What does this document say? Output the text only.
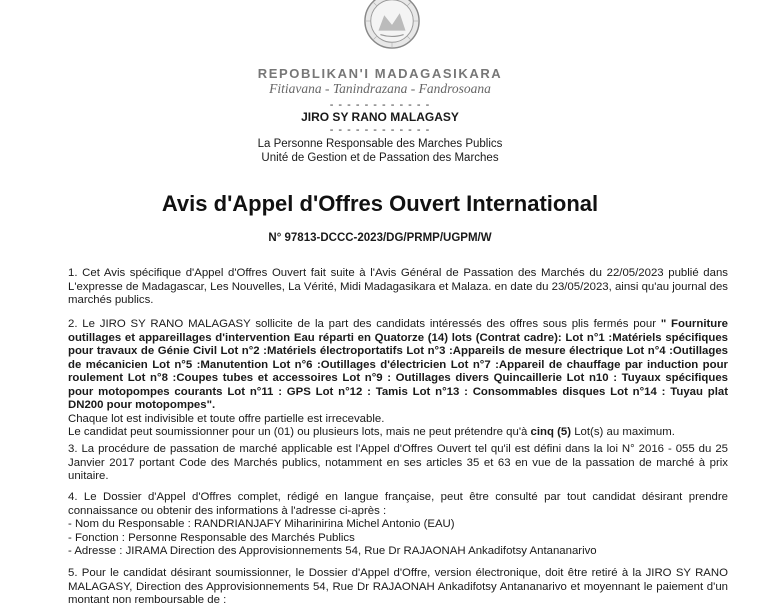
REPOBLIKAN'I MADAGASIKARA
Fitiavana - Tanindrazana - Fandrosoana
- - - - - - - - - - - -
JIRO SY RANO MALAGASY
- - - - - - - - - - - -
La Personne Responsable des Marches Publics
Unité de Gestion et de Passation des Marches
Avis d'Appel d'Offres Ouvert International
N° 97813-DCCC-2023/DG/PRMP/UGPM/W

1. Cet Avis spécifique d'Appel d'Offres Ouvert fait suite à l'Avis Général de Passation des Marchés du 22/05/2023 publié dans L'expresse de Madagascar, Les Nouvelles, La Vérité, Midi Madagasikara et Malaza. en date du 23/05/2023, ainsi qu'au journal des marchés publics.

2. Le JIRO SY RANO MALAGASY sollicite de la part des candidats intéressés des offres sous plis fermés pour " Fourniture outillages et appareillages d'intervention Eau réparti en Quatorze (14) lots (Contrat cadre): Lot n°1 :Matériels spécifiques pour travaux de Génie Civil Lot n°2 :Matériels électroportatifs Lot n°3 :Appareils de mesure électrique Lot n°4 :Outillages de mécanicien Lot n°5 :Manutention Lot n°6 :Outillages d'électricien Lot n°7 :Appareil de chauffage par induction pour roulement Lot n°8 :Coupes tubes et accessoires Lot n°9 : Outillages divers Quincaillerie Lot n10 : Tuyaux spécifiques pour motopompes courants Lot n°11 : GPS Lot n°12 : Tamis Lot n°13 : Consommables disques Lot n°14 : Tuyau plat DN200 pour motopompes".

Chaque lot est indivisible et toute offre partielle est irrecevable.

Le candidat peut soumissionner pour un (01) ou plusieurs lots, mais ne peut prétendre qu'à cinq (5) Lot(s) au maximum.

3. La procédure de passation de marché applicable est l'Appel d'Offres Ouvert tel qu'il est défini dans la loi N° 2016 - 055 du 25 Janvier 2017 portant Code des Marchés publics, notamment en ses articles 35 et 63 en vue de la passation de marché à prix unitaire.

4. Le Dossier d'Appel d'Offres complet, rédigé en langue française, peut être consulté par tout candidat désirant prendre connaissance ou obtenir des informations à l'adresse ci-après :

- Nom du Responsable : RANDRIANJAFY Miharinirina Michel Antonio (EAU)

- Fonction : Personne Responsable des Marchés Publics

- Adresse : JIRAMA Direction des Approvisionnements 54, Rue Dr RAJAONAH Ankadifotsy Antananarivo

5. Pour le candidat désirant soumissionner, le Dossier d'Appel d'Offre, version électronique, doit être retiré à la JIRO SY RANO MALAGASY, Direction des Approvisionnements 54, Rue Dr RAJAONAH Ankadifotsy Antananarivo et moyennant le paiement d'un montant non remboursable de :
